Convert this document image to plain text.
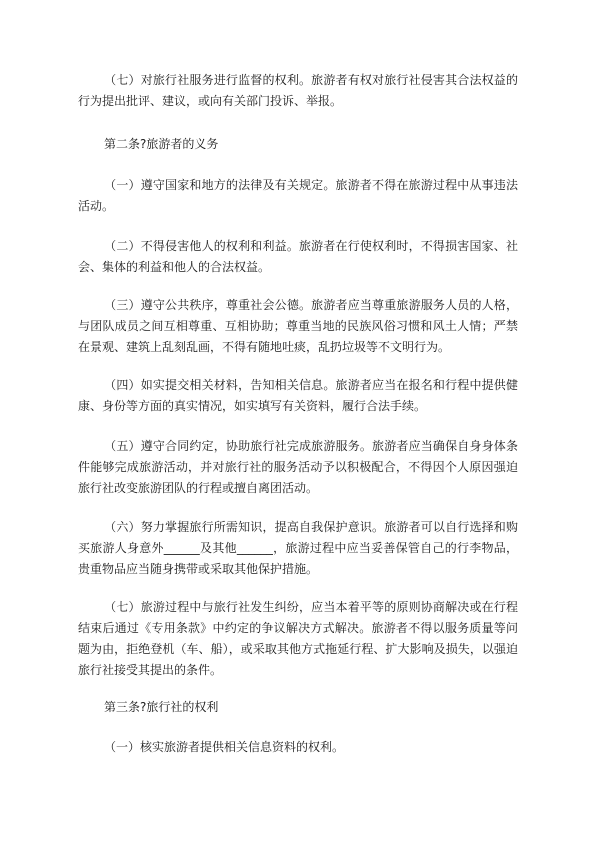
（七）对旅行社服务进行监督的权利。旅游者有权对旅行社侵害其合法权益的行为提出批评、建议，或向有关部门投诉、举报。

第二条?旅游者的义务

（一）遵守国家和地方的法律及有关规定。旅游者不得在旅游过程中从事违法活动。

（二）不得侵害他人的权利和利益。旅游者在行使权利时，不得损害国家、社会、集体的利益和他人的合法权益。

（三）遵守公共秩序，尊重社会公德。旅游者应当尊重旅游服务人员的人格，与团队成员之间互相尊重、互相协助；尊重当地的民族风俗习惯和风土人情；严禁在景观、建筑上乱刻乱画，不得有随地吐痰，乱扔垃圾等不文明行为。

（四）如实提交相关材料，告知相关信息。旅游者应当在报名和行程中提供健康、身份等方面的真实情况，如实填写有关资料，履行合法手续。

（五）遵守合同约定，协助旅行社完成旅游服务。旅游者应当确保自身身体条件能够完成旅游活动，并对旅行社的服务活动予以积极配合，不得因个人原因强迫旅行社改变旅游团队的行程或擅自离团活动。

（六）努力掌握旅行所需知识，提高自我保护意识。旅游者可以自行选择和购买旅游人身意外______及其他______，旅游过程中应当妥善保管自己的行李物品，贵重物品应当随身携带或采取其他保护措施。

（七）旅游过程中与旅行社发生纠纷，应当本着平等的原则协商解决或在行程结束后通过《专用条款》中约定的争议解决方式解决。旅游者不得以服务质量等问题为由，拒绝登机（车、船），或采取其他方式拖延行程、扩大影响及损失，以强迫旅行社接受其提出的条件。

第三条?旅行社的权利

（一）核实旅游者提供相关信息资料的权利。
